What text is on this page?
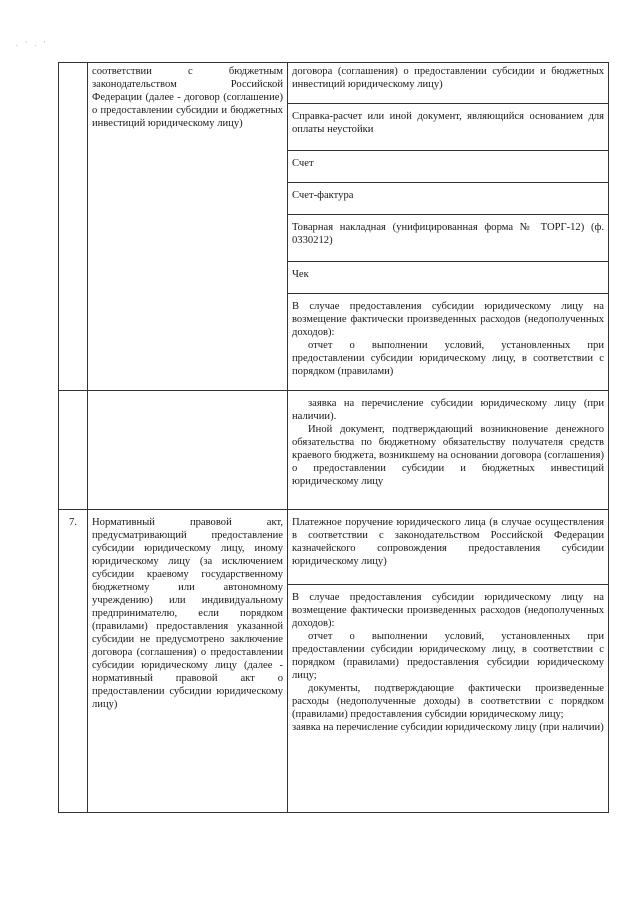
. ' . '
	соответствии с бюджетным законодательством Российской Федерации (далее - договор (соглашение) о предоставлении субсидии и бюджетных инвестиций юридическому лицу)	договора (соглашения) о предоставлении субсидии и бюджетных инвестиций юридическому лицу)
		Справка-расчет или иной документ, являющийся основанием для оплаты неустойки
		Счет
		Счет-фактура
		Товарная накладная (унифицированная форма № ТОРГ-12) (ф. 0330212)
		Чек

		В случае предоставления субсидии юридическому лицу на возмещение фактически произведенных расходов (недополученных доходов):
отчет о выполнении условий, установленных при предоставлении субсидии юридическому лицу, в соответствии с порядком (правилами)

		заявка на перечисление субсидии юридическому лицу (при наличии).
Иной документ, подтверждающий возникновение денежного обязательства по бюджетному обязательству получателя средств краевого бюджета, возникшему на основании договора (соглашения) о предоставлении субсидии и бюджетных инвестиций юридическому лицу

7.	Нормативный правовой акт, предусматривающий предоставление субсидии юридическому лицу, иному юридическому лицу (за исключением субсидии краевому государственному бюджетному или автономному учреждению) или индивидуальному предпринимателю, если порядком (правилами) предоставления указанной субсидии не предусмотрено заключение договора (соглашения) о предоставлении субсидии юридическому лицу (далее - нормативный правовой акт о предоставлении субсидии юридическому лицу)	Платежное поручение юридического лица (в случае осуществления в соответствии с законодательством Российской Федерации казначейского сопровождения предоставления субсидии юридическому лицу)

		В случае предоставления субсидии юридическому лицу на возмещение фактически произведенных расходов (недополученных доходов):
отчет о выполнении условий, установленных при предоставлении субсидии юридическому лицу, в соответствии с порядком (правилами) предоставления субсидии юридическому лицу;
документы, подтверждающие фактически произведенные расходы (недополученные доходы) в соответствии с порядком (правилами) предоставления субсидии юридическому лицу;
заявка на перечисление субсидии юридическому лицу (при наличии)
